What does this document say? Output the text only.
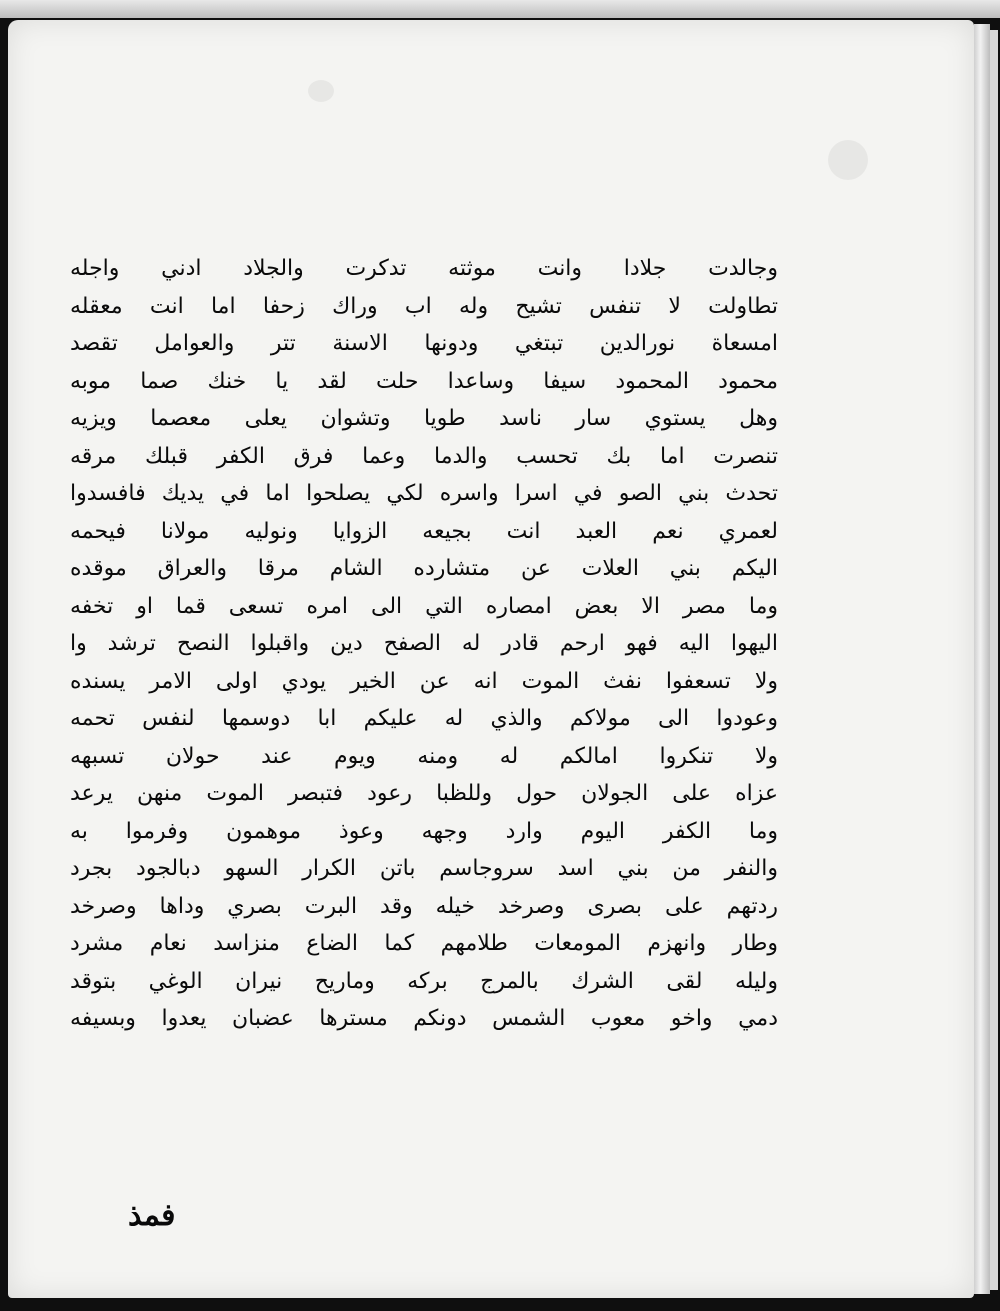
وجالدت جلادا وانت موثته تدكرت والجلاد ادني واجله
تطاولت لا تنفس تشيح وله اب وراك زحفا اما انت معقله
امسعاة نورالدين تبتغي ودونها الاسنة تتر والعوامل تقصد
محمود المحمود سيفا وساعدا حلت لقد يا خنك صما موبه
وهل يستوي سار ناسد طويا وتشوان يعلى معصما ويزيه
تنصرت اما بك تحسب والدما وعما فرق الكفر قبلك مرقه
تحدث بني الصو في اسرا واسره لكي يصلحوا اما في يديك فافسدوا
لعمري نعم العبد انت بجيعه الزوايا ونوليه مولانا فيحمه
اليكم بني العلات عن متشارده الشام مرقا والعراق موقده
وما مصر الا بعض امصاره التي الى امره تسعى قما او تخفه
اليهوا اليه فهو ارحم قادر له الصفح دين واقبلوا النصح ترشد وا
ولا تسعفوا نفث الموت انه عن الخير يودي اولى الامر يسنده
وعودوا الى مولاكم والذي له عليكم ابا دوسمها لنفس تحمه
ولا تنكروا امالكم له ومنه ويوم عند حولان تسبهه
عزاه على الجولان حول وللظبا رعود فتبصر الموت منهن يرعد
وما الكفر اليوم وارد وجهه وعوذ موهمون وفرموا به
والنفر من بني اسد سروجاسم باتن الكرار السهو دبالجود بجرد
ردتهم على بصرى وصرخد خيله وقد البرت بصري وداها وصرخد
وطار وانهزم المومعات طلامهم كما الضاع منزاسد نعام مشرد
وليله لقى الشرك بالمرج بركه وماريح نيران الوغي بتوقد
دمي واخو معوب الشمس دونكم مسترها عضبان يعدوا وبسيفه
فمذ
